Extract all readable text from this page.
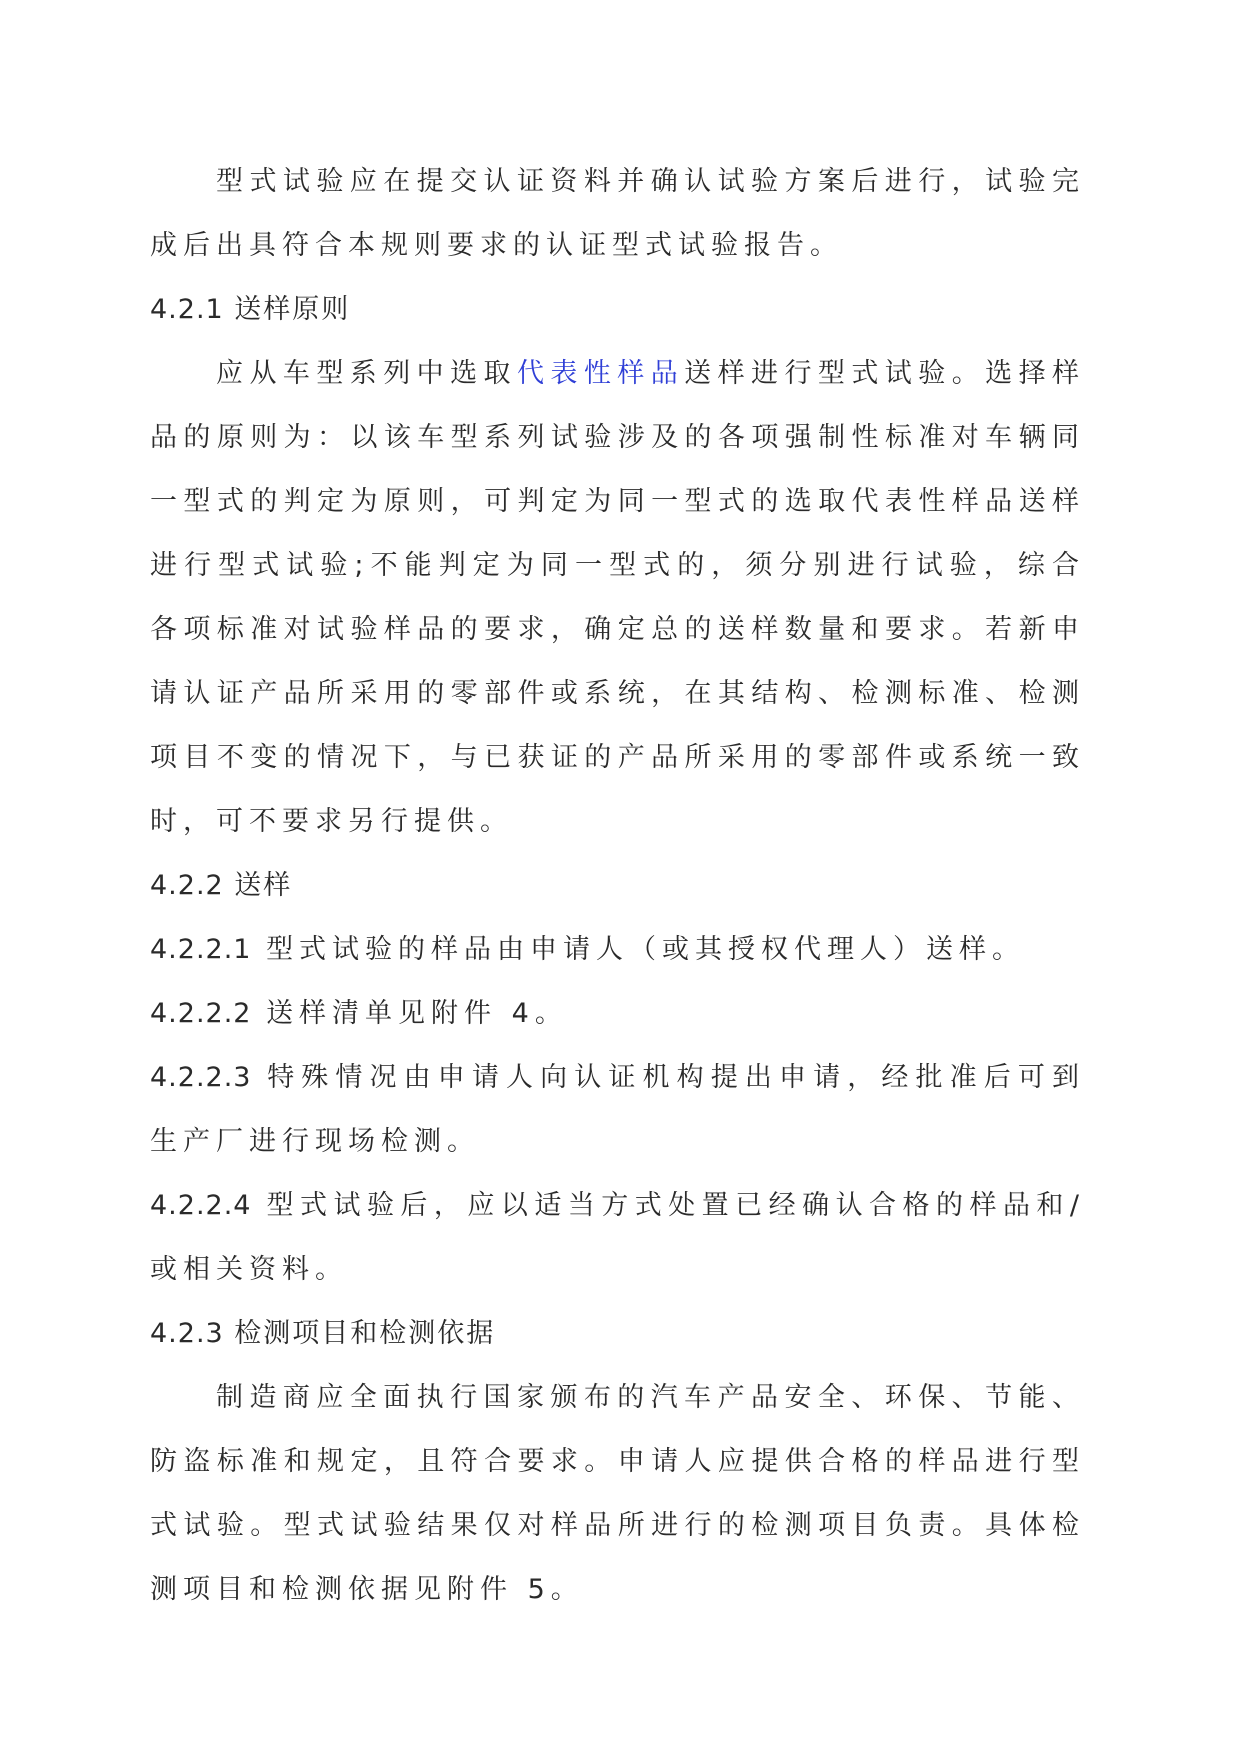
型式试验应在提交认证资料并确认试验方案后进行，试验完成后出具符合本规则要求的认证型式试验报告。

4.2.1 送样原则

应从车型系列中选取代表性样品送样进行型式试验。选择样品的原则为：以该车型系列试验涉及的各项强制性标准对车辆同一型式的判定为原则，可判定为同一型式的选取代表性样品送样进行型式试验;不能判定为同一型式的，须分别进行试验，综合各项标准对试验样品的要求，确定总的送样数量和要求。若新申请认证产品所采用的零部件或系统，在其结构、检测标准、检测项目不变的情况下，与已获证的产品所采用的零部件或系统一致时，可不要求另行提供。

4.2.2 送样

4.2.2.1 型式试验的样品由申请人（或其授权代理人）送样。

4.2.2.2 送样清单见附件 4。

4.2.2.3 特殊情况由申请人向认证机构提出申请，经批准后可到生产厂进行现场检测。

4.2.2.4 型式试验后，应以适当方式处置已经确认合格的样品和/或相关资料。

4.2.3 检测项目和检测依据

制造商应全面执行国家颁布的汽车产品安全、环保、节能、防盗标准和规定，且符合要求。申请人应提供合格的样品进行型式试验。型式试验结果仅对样品所进行的检测项目负责。具体检测项目和检测依据见附件 5。
